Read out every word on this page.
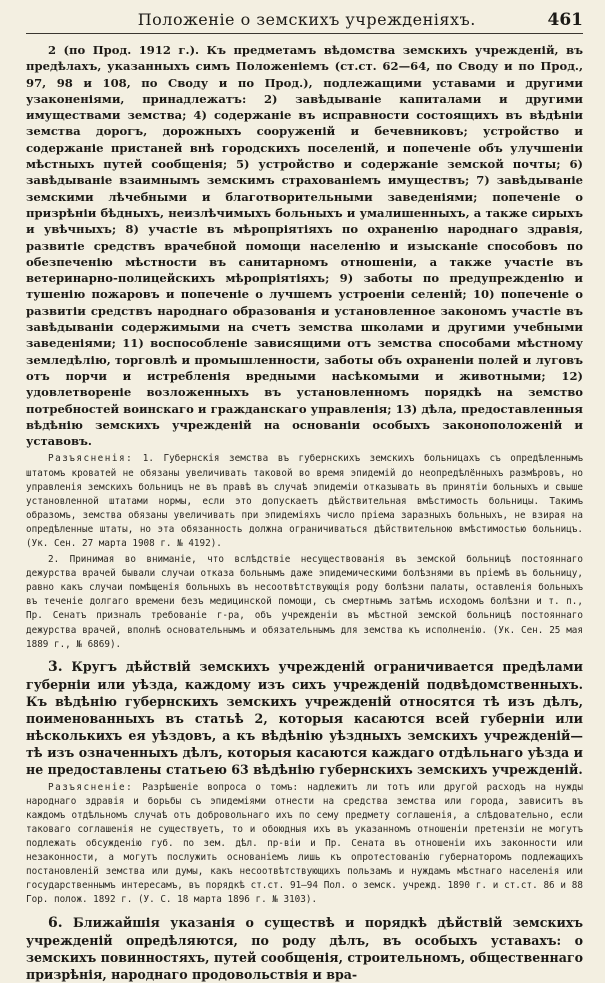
Положеніе о земскихъ учрежденіяхъ.	461

2 (по Прод. 1912 г.). Къ предметамъ вѣдомства земскихъ учрежденій, въ предѣлахъ, указанныхъ симъ Положеніемъ (ст.ст. 62—64, по Своду и по Прод., 97, 98 и 108, по Своду и по Прод.), подлежащими уставами и другими узаконеніями, принадлежатъ: 2) завѣдываніе капиталами и другими имуществами земства; 4) содержаніе въ исправности состоящихъ въ вѣдѣніи земства дорогъ, дорожныхъ сооруженій и бечевниковъ; устройство и содержаніе пристаней внѣ городскихъ поселеній, и попеченіе объ улучшеніи мѣстныхъ путей сообщенія; 5) устройство и содержаніе земской почты; 6) завѣдываніе взаимнымъ земскимъ страхованіемъ имуществъ; 7) завѣдываніе земскими лѣчебными и благотворительными заведеніями; попеченіе о призрѣніи бѣдныхъ, неизлѣчимыхъ больныхъ и умалишенныхъ, а также сирыхъ и увѣчныхъ; 8) участіе въ мѣропріятіяхъ по охраненію народнаго здравія, развитіе средствъ врачебной помощи населенію и изысканіе способовъ по обезпеченію мѣстности въ санитарномъ отношеніи, а также участіе въ ветеринарно-полицейскихъ мѣропріятіяхъ; 9) заботы по предупрежденію и тушенію пожаровъ и попеченіе о лучшемъ устроеніи селеній; 10) попеченіе о развитіи средствъ народнаго образованія и установленное закономъ участіе въ завѣдываніи содержимыми на счетъ земства школами и другими учебными заведеніями; 11) воспособленіе зависящими отъ земства способами мѣстному земледѣлію, торговлѣ и промышленности, заботы объ охраненіи полей и луговъ отъ порчи и истребленія вредными насѣкомыми и животными; 12) удовлетвореніе возложенныхъ въ установленномъ порядкѣ на земство потребностей воинскаго и гражданскаго управленія; 13) дѣла, предоставленныя вѣдѣнію земскихъ учрежденій на основаніи особыхъ законоположеній и уставовъ.

Разъясненія: 1. Губернскія земства въ губернскихъ земскихъ больницахъ съ опредѣленнымъ штатомъ кроватей не обязаны увеличивать таковой во время эпидемій до неопредѣлённыхъ размѣровъ, но управленія земскихъ больницъ не въ правѣ въ случаѣ эпидеміи отказывать въ принятіи больныхъ и свыше установленной штатами нормы, если это допускаетъ дѣйствительная вмѣстимость больницы. Такимъ образомъ, земства обязаны увеличивать при эпидеміяхъ число пріема заразныхъ больныхъ, не взирая на опредѣленные штаты, но эта обязанность должна ограничиваться дѣйствительною вмѣстимостью больницъ. (Ук. Сен. 27 марта 1908 г. № 4192).

2. Принимая во вниманіе, что вслѣдствіе несуществованія въ земской больницѣ постояннаго дежурства врачей бывали случаи отказа больнымъ даже эпидемическими болѣзнями въ пріемѣ въ больницу, равно какъ случаи помѣщенія больныхъ въ несоотвѣтствующія роду болѣзни палаты, оставленія больныхъ въ теченіе долгаго времени безъ медицинской помощи, съ смертнымъ затѣмъ исходомъ болѣзни и т. п., Пр. Сенатъ призналъ требованіе г-ра, объ учрежденіи въ мѣстной земской больницѣ постояннаго дежурства врачей, вполнѣ основательнымъ и обязательнымъ для земства къ исполненію. (Ук. Сен. 25 мая 1889 г., № 6869).

3. Кругъ дѣйствій земскихъ учрежденій ограничивается предѣлами губерніи или уѣзда, каждому изъ сихъ учрежденій подвѣдомственныхъ. Къ вѣдѣнію губернскихъ земскихъ учрежденій относятся тѣ изъ дѣлъ, поименованныхъ въ статьѣ 2, которыя касаются всей губерніи или нѣсколькихъ ея уѣздовъ, а къ вѣдѣнію уѣздныхъ земскихъ учрежденій—тѣ изъ означенныхъ дѣлъ, которыя касаются каждаго отдѣльнаго уѣзда и не предоставлены статьею 63 вѣдѣнію губернскихъ земскихъ учрежденій.

Разъясненіе: Разрѣшеніе вопроса о томъ: надлежитъ ли тотъ или другой расходъ на нужды народнаго здравія и борьбы съ эпидеміями отнести на средства земства или города, зависитъ въ каждомъ отдѣльномъ случаѣ отъ добровольнаго ихъ по сему предмету соглашенія, а слѣдовательно, если таковаго соглашенія не существуетъ, то и обоюдныя ихъ въ указанномъ отношеніи претензіи не могутъ подлежать обсужденію губ. по зем. дѣл. пр-віи и Пр. Сената въ отношеніи ихъ законности или незаконности, а могутъ послужить основаніемъ лишь къ опротестованію губернаторомъ подлежащихъ постановленій земства или думы, какъ несоотвѣтствующихъ пользамъ и нуждамъ мѣстнаго населенія или государственнымъ интересамъ, въ порядкѣ ст.ст. 91—94 Пол. о земск. учрежд. 1890 г. и ст.ст. 86 и 88 Гор. полож. 1892 г. (У. С. 18 марта 1896 г. № 3103).

6. Ближайшія указанія о существѣ и порядкѣ дѣйствій земскихъ учрежденій опредѣляются, по роду дѣлъ, въ особыхъ уставахъ: о земскихъ повинностяхъ, путей сообщенія, строительномъ, общественнаго призрѣнія, народнаго продовольствія и вра-
